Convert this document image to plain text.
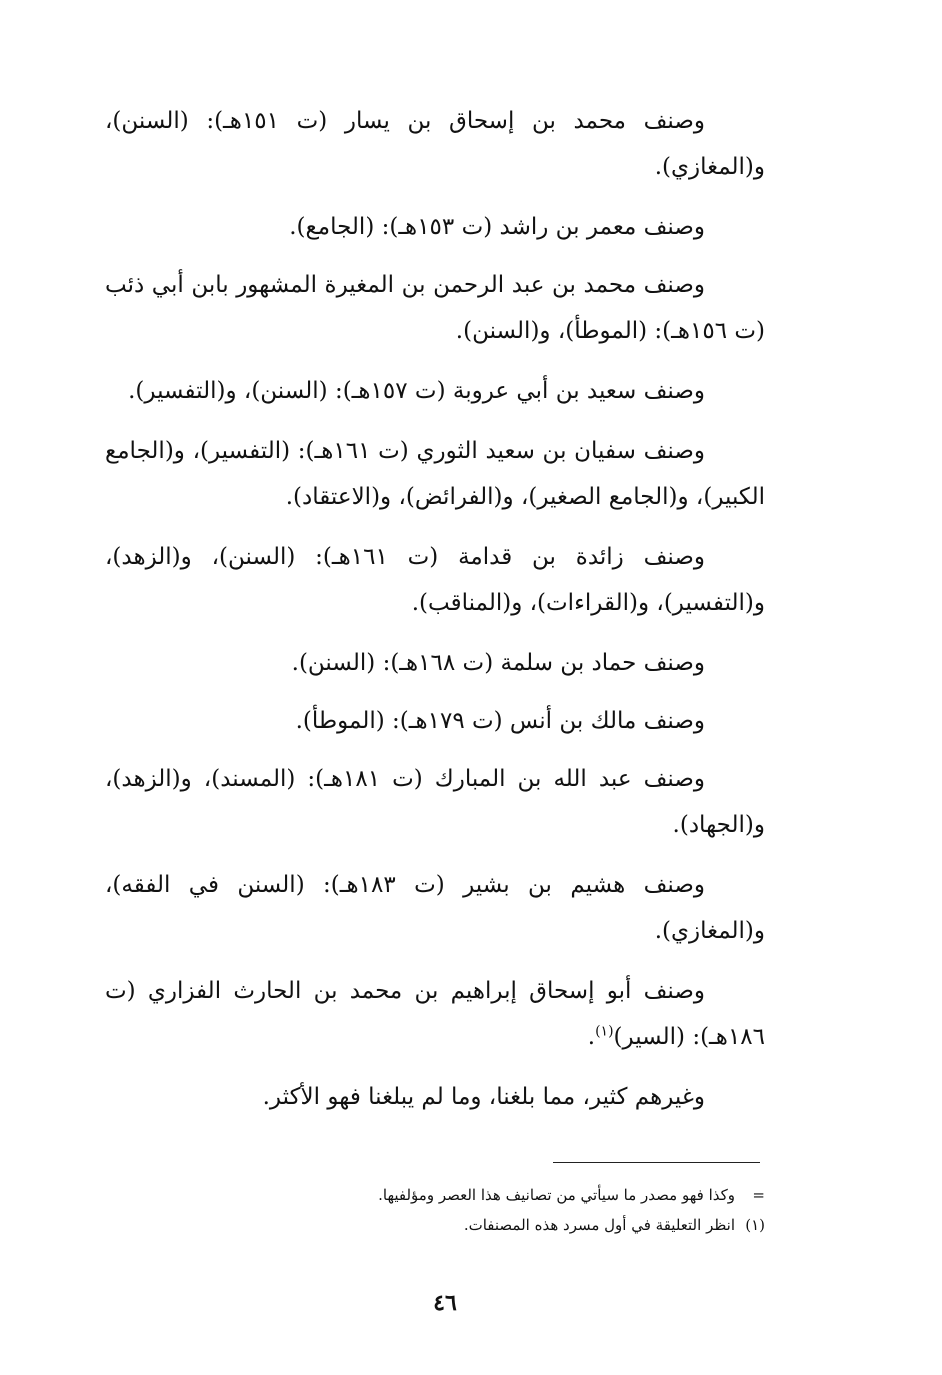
وصنف محمد بن إسحاق بن يسار (ت ١٥١هـ): (السنن)، و(المغازي).

وصنف معمر بن راشد (ت ١٥٣هـ): (الجامع).

وصنف محمد بن عبد الرحمن بن المغيرة المشهور بابن أبي ذئب (ت ١٥٦هـ): (الموطأ)، و(السنن).

وصنف سعيد بن أبي عروبة (ت ١٥٧هـ): (السنن)، و(التفسير).

وصنف سفيان بن سعيد الثوري (ت ١٦١هـ): (التفسير)، و(الجامع الكبير)، و(الجامع الصغير)، و(الفرائض)، و(الاعتقاد).

وصنف زائدة بن قدامة (ت ١٦١هـ): (السنن)، و(الزهد)، و(التفسير)، و(القراءات)، و(المناقب).

وصنف حماد بن سلمة (ت ١٦٨هـ): (السنن).

وصنف مالك بن أنس (ت ١٧٩هـ): (الموطأ).

وصنف عبد الله بن المبارك (ت ١٨١هـ): (المسند)، و(الزهد)، و(الجهاد).

وصنف هشيم بن بشير (ت ١٨٣هـ): (السنن في الفقه)، و(المغازي).

وصنف أبو إسحاق إبراهيم بن محمد بن الحارث الفزاري (ت ١٨٦هـ): (السير)$^{(١)}$.

وغيرهم كثير، مما بلغنا، وما لم يبلغنا فهو الأكثر.

=وكذا فهو مصدر ما سيأتي من تصانيف هذا العصر ومؤلفيها.

(١)انظر التعليقة في أول مسرد هذه المصنفات.

٤٦
